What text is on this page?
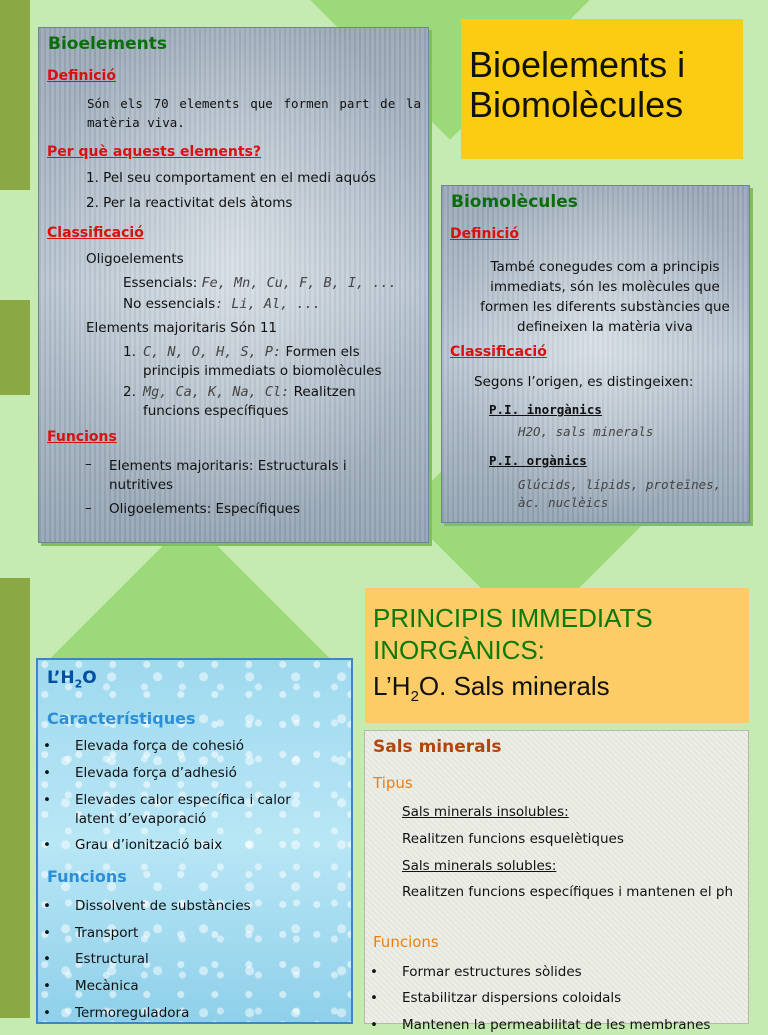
Bioelements i Biomolècules
Bioelements
Definició
Són els 70 elements que formen part de la matèria viva.
Per què aquests elements?
1. Pel seu comportament en el medi aquós
2. Per la reactivitat dels àtoms
Classificació
Oligoelements
Essencials: Fe, Mn, Cu, F, B, I, ...
No essencials: Li, Al, ...
Elements majoritaris Són 11
1. C, N, O, H, S, P: Formen els principis immediats o biomolècules
2. Mg, Ca, K, Na, Cl: Realitzen funcions específiques
Funcions
– Elements majoritaris: Estructurals i nutritives
– Oligoelements: Específiques
Biomolècules
Definició
També conegudes com a principis immediats, són les molècules que formen les diferents substàncies que defineixen la matèria viva
Classificació
Segons l’origen, es distingeixen:
P.I. inorgànics
H2O, sals minerals
P.I. orgànics
Glúcids, lípids, proteïnes, àc. nuclèics
PRINCIPIS IMMEDIATS
INORGÀNICS:
$L’H_2O$. Sals minerals
$L’H_2O$
Característiques
• Elevada força de cohesió
• Elevada força d’adhesió
• Elevades calor específica i calor latent d’evaporació
• Grau d’ionització baix
Funcions
• Dissolvent de substàncies
• Transport
• Estructural
• Mecànica
• Termoreguladora
Sals minerals
Tipus
Sals minerals insolubles:
Realitzen funcions esquelètiques
Sals minerals solubles:
Realitzen funcions específiques i mantenen el ph
Funcions
• Formar estructures sòlides
• Estabilitzar dispersions coloidals
• Mantenen la permeabilitat de les membranes
